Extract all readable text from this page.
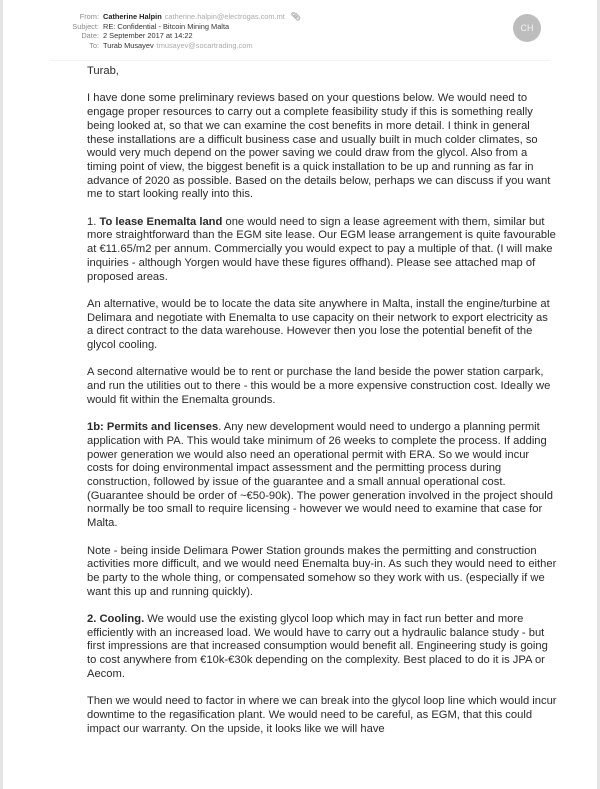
From: Catherine Halpin catherine.halpin@electrogas.com.mt 📎︎
Subject: RE: Confidential - Bitcoin Mining Malta
Date: 2 September 2017 at 14:22
To: Turab Musayev tmusayev@socartrading.com
CH

Turab,

I have done some preliminary reviews based on your questions below. We would need to engage proper resources to carry out a complete feasibility study if this is something really being looked at, so that we can examine the cost benefits in more detail. I think in general these installations are a difficult business case and usually built in much colder climates, so would very much depend on the power saving we could draw from the glycol. Also from a timing point of view, the biggest benefit is a quick installation to be up and running as far in advance of 2020 as possible. Based on the details below, perhaps we can discuss if you want me to start looking really into this.

1. To lease Enemalta land one would need to sign a lease agreement with them, similar but more straightforward than the EGM site lease. Our EGM lease arrangement is quite favourable at €11.65/m2 per annum. Commercially you would expect to pay a multiple of that. (I will make inquiries - although Yorgen would have these figures offhand). Please see attached map of proposed areas.

An alternative, would be to locate the data site anywhere in Malta, install the engine/turbine at Delimara and negotiate with Enemalta to use capacity on their network to export electricity as a direct contract to the data warehouse. However then you lose the potential benefit of the glycol cooling.

A second alternative would be to rent or purchase the land beside the power station carpark, and run the utilities out to there - this would be a more expensive construction cost. Ideally we would fit within the Enemalta grounds.

1b: Permits and licenses. Any new development would need to undergo a planning permit application with PA. This would take minimum of 26 weeks to complete the process. If adding power generation we would also need an operational permit with ERA. So we would incur costs for doing environmental impact assessment and the permitting process during construction, followed by issue of the guarantee and a small annual operational cost. (Guarantee should be order of ~€50-90k). The power generation involved in the project should normally be too small to require licensing - however we would need to examine that case for Malta.

Note - being inside Delimara Power Station grounds makes the permitting and construction activities more difficult, and we would need Enemalta buy-in. As such they would need to either be party to the whole thing, or compensated somehow so they work with us. (especially if we want this up and running quickly).

2. Cooling. We would use the existing glycol loop which may in fact run better and more efficiently with an increased load. We would have to carry out a hydraulic balance study - but first impressions are that increased consumption would benefit all. Engineering study is going to cost anywhere from €10k-€30k depending on the complexity. Best placed to do it is JPA or Aecom.

Then we would need to factor in where we can break into the glycol loop line which would incur downtime to the regasification plant. We would need to be careful, as EGM, that this could impact our warranty. On the upside, it looks like we will have
